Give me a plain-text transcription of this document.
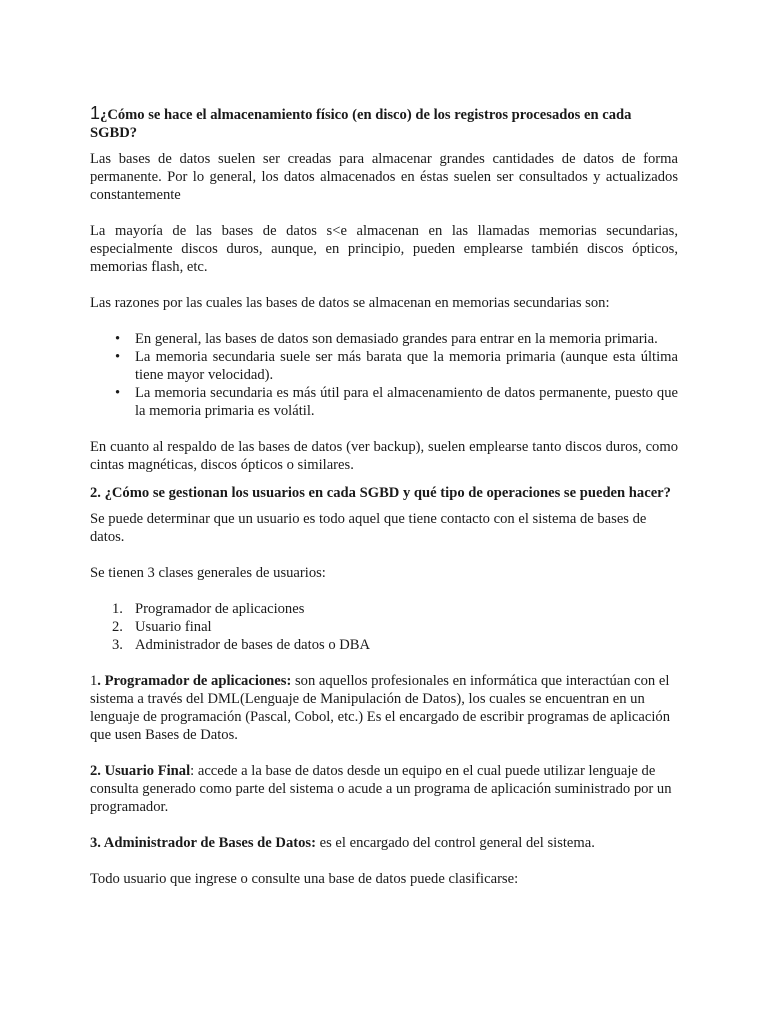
1¿Cómo se hace el almacenamiento físico (en disco) de los registros procesados en cada SGBD?

Las bases de datos suelen ser creadas para almacenar grandes cantidades de datos de forma permanente. Por lo general, los datos almacenados en éstas suelen ser consultados y actualizados constantemente

La mayoría de las bases de datos s<e almacenan en las llamadas memorias secundarias, especialmente discos duros, aunque, en principio, pueden emplearse también discos ópticos, memorias flash, etc.

Las razones por las cuales las bases de datos se almacenan en memorias secundarias son:

• En general, las bases de datos son demasiado grandes para entrar en la memoria primaria.
• La memoria secundaria suele ser más barata que la memoria primaria (aunque esta última tiene mayor velocidad).
• La memoria secundaria es más útil para el almacenamiento de datos permanente, puesto que la memoria primaria es volátil.

En cuanto al respaldo de las bases de datos (ver backup), suelen emplearse tanto discos duros, como cintas magnéticas, discos ópticos o similares.

2. ¿Cómo se gestionan los usuarios en cada SGBD y qué tipo de operaciones se pueden hacer?

Se puede determinar que un usuario es todo aquel que tiene contacto con el sistema de bases de datos.

Se tienen 3 clases generales de usuarios:

1. Programador de aplicaciones
2. Usuario final
3. Administrador de bases de datos o DBA

1. Programador de aplicaciones: son aquellos profesionales en informática que interactúan con el sistema a través del DML(Lenguaje de Manipulación de Datos), los cuales se encuentran en un lenguaje de programación (Pascal, Cobol, etc.) Es el encargado de escribir programas de aplicación que usen Bases de Datos.

2. Usuario Final: accede a la base de datos desde un equipo en el cual puede utilizar lenguaje de consulta generado como parte del sistema o acude a un programa de aplicación suministrado por un programador.

3. Administrador de Bases de Datos: es el encargado del control general del sistema.

Todo usuario que ingrese o consulte una base de datos puede clasificarse:
